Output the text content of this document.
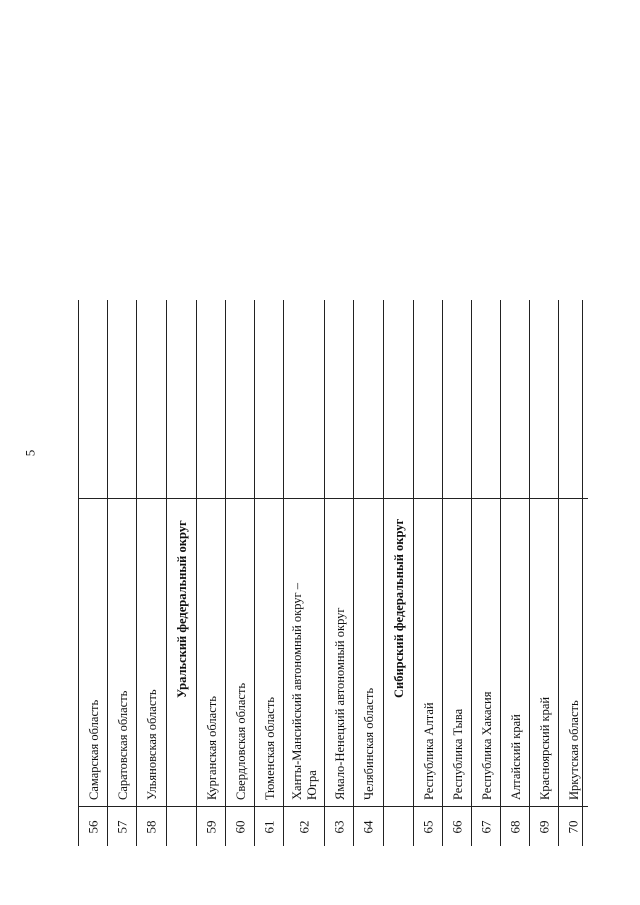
5
56
Самарская область
57
Саратовская область
58
Ульяновская область
Уральский федеральный округ
59
Курганская область
60
Свердловская область
61
Тюменская область
62
Ханты-Мансийский автономный округ – Югра
63
Ямало-Ненецкий автономный округ
64
Челябинская область
Сибирский федеральный округ
65
Республика Алтай
66
Республика Тыва
67
Республика Хакасия
68
Алтайский край
69
Красноярский край
70
Иркутская область
